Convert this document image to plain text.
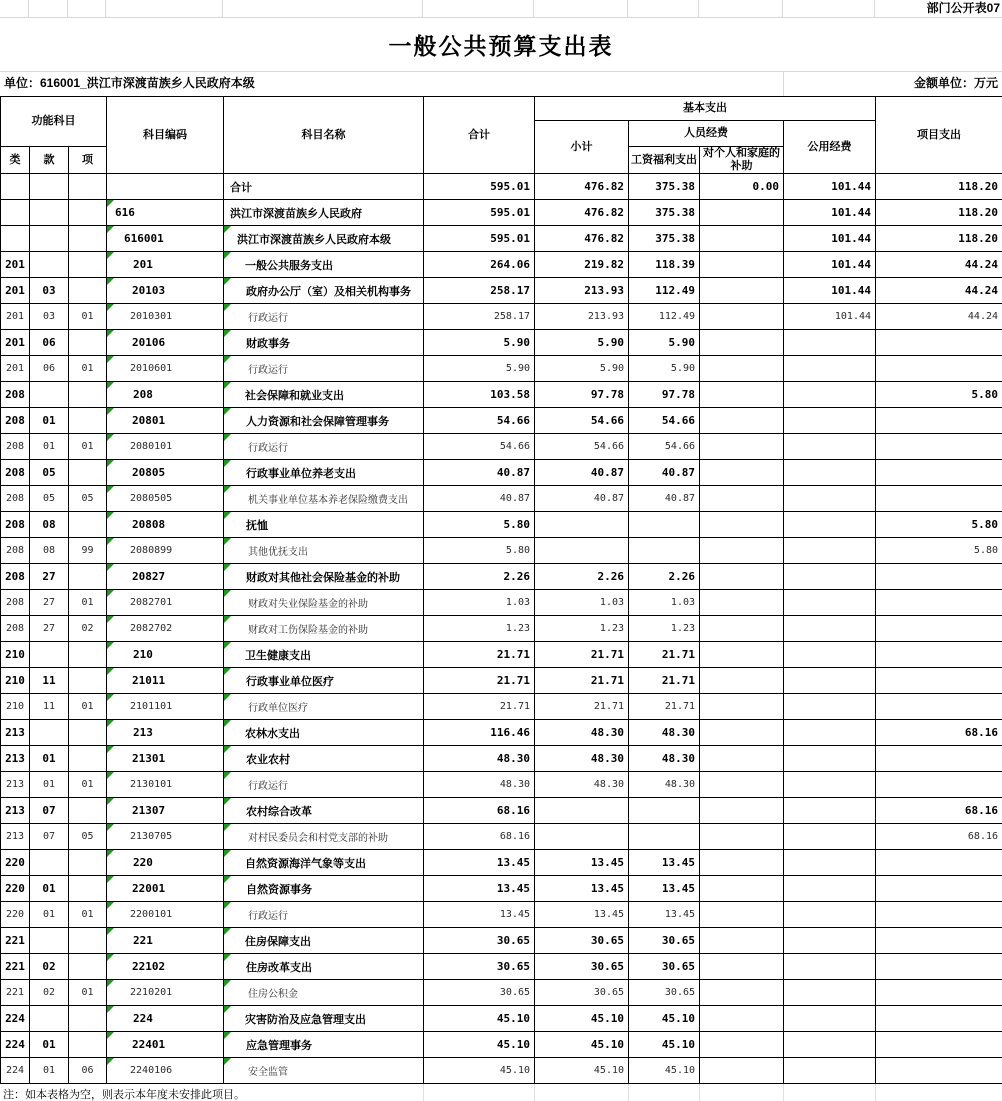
部门公开表07
一般公共预算支出表
单位：616001_洪江市深渡苗族乡人民政府本级	金额单位：万元
功能科目			科目编码	科目名称	合计	基本支出				项目支出
						小计	人员经费		公用经费	
类	款	项					工资福利支出	对个人和家庭的补助		
				合计	595.01	476.82	375.38	0.00	101.44	118.20
			616	洪江市深渡苗族乡人民政府	595.01	476.82	375.38		101.44	118.20
			616001	洪江市深渡苗族乡人民政府本级	595.01	476.82	375.38		101.44	118.20
201			201	一般公共服务支出	264.06	219.82	118.39		101.44	44.24
201	03		20103	政府办公厅（室）及相关机构事务	258.17	213.93	112.49		101.44	44.24
201	03	01	2010301	行政运行	258.17	213.93	112.49		101.44	44.24
201	06		20106	财政事务	5.90	5.90	5.90			
201	06	01	2010601	行政运行	5.90	5.90	5.90			
208			208	社会保障和就业支出	103.58	97.78	97.78			5.80
208	01		20801	人力资源和社会保障管理事务	54.66	54.66	54.66			
208	01	01	2080101	行政运行	54.66	54.66	54.66			
208	05		20805	行政事业单位养老支出	40.87	40.87	40.87			
208	05	05	2080505	机关事业单位基本养老保险缴费支出	40.87	40.87	40.87			
208	08		20808	抚恤	5.80					5.80
208	08	99	2080899	其他优抚支出	5.80					5.80
208	27		20827	财政对其他社会保险基金的补助	2.26	2.26	2.26			
208	27	01	2082701	财政对失业保险基金的补助	1.03	1.03	1.03			
208	27	02	2082702	财政对工伤保险基金的补助	1.23	1.23	1.23			
210			210	卫生健康支出	21.71	21.71	21.71			
210	11		21011	行政事业单位医疗	21.71	21.71	21.71			
210	11	01	2101101	行政单位医疗	21.71	21.71	21.71			
213			213	农林水支出	116.46	48.30	48.30			68.16
213	01		21301	农业农村	48.30	48.30	48.30			
213	01	01	2130101	行政运行	48.30	48.30	48.30			
213	07		21307	农村综合改革	68.16					68.16
213	07	05	2130705	对村民委员会和村党支部的补助	68.16					68.16
220			220	自然资源海洋气象等支出	13.45	13.45	13.45			
220	01		22001	自然资源事务	13.45	13.45	13.45			
220	01	01	2200101	行政运行	13.45	13.45	13.45			
221			221	住房保障支出	30.65	30.65	30.65			
221	02		22102	住房改革支出	30.65	30.65	30.65			
221	02	01	2210201	住房公积金	30.65	30.65	30.65			
224			224	灾害防治及应急管理支出	45.10	45.10	45.10			
224	01		22401	应急管理事务	45.10	45.10	45.10			
224	01	06	2240106	安全监管	45.10	45.10	45.10			
注：如本表格为空，则表示本年度未安排此项目。
